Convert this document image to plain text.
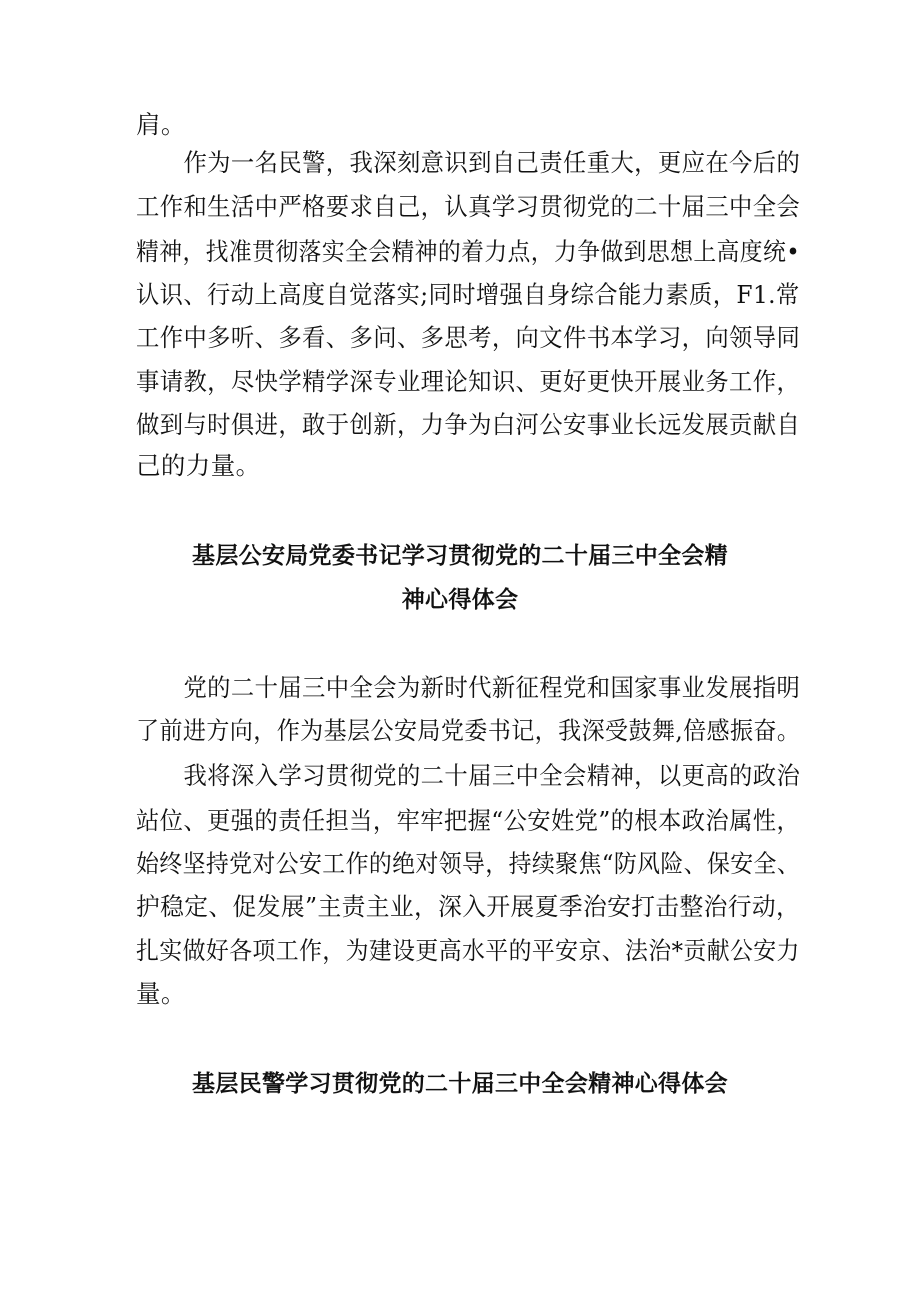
肩。
　　作为一名民警，我深刻意识到自己责任重大，更应在今后的
工作和生活中严格要求自己，认真学习贯彻党的二十届三中全会
精神，找准贯彻落实全会精神的着力点，力争做到思想上高度统•
认识、行动上高度自觉落实;同时增强自身综合能力素质，F1.常
工作中多听、多看、多问、多思考，向文件书本学习，向领导同
事请教，尽快学精学深专业理论知识、更好更快开展业务工作，
做到与时俱进，敢于创新，力争为白河公安事业长远发展贡献自
己的力量。
基层公安局党委书记学习贯彻党的二十届三中全会精
神心得体会
　　党的二十届三中全会为新时代新征程党和国家事业发展指明
了前进方向，作为基层公安局党委书记，我深受鼓舞,倍感振奋。
　　我将深入学习贯彻党的二十届三中全会精神，以更高的政治
站位、更强的责任担当，牢牢把握“公安姓党”的根本政治属性，
始终坚持党对公安工作的绝对领导，持续聚焦“防风险、保安全、
护稳定、促发展”主责主业，深入开展夏季治安打击整治行动，
扎实做好各项工作，为建设更高水平的平安京、法治*贡献公安力
量。
基层民警学习贯彻党的二十届三中全会精神心得体会
